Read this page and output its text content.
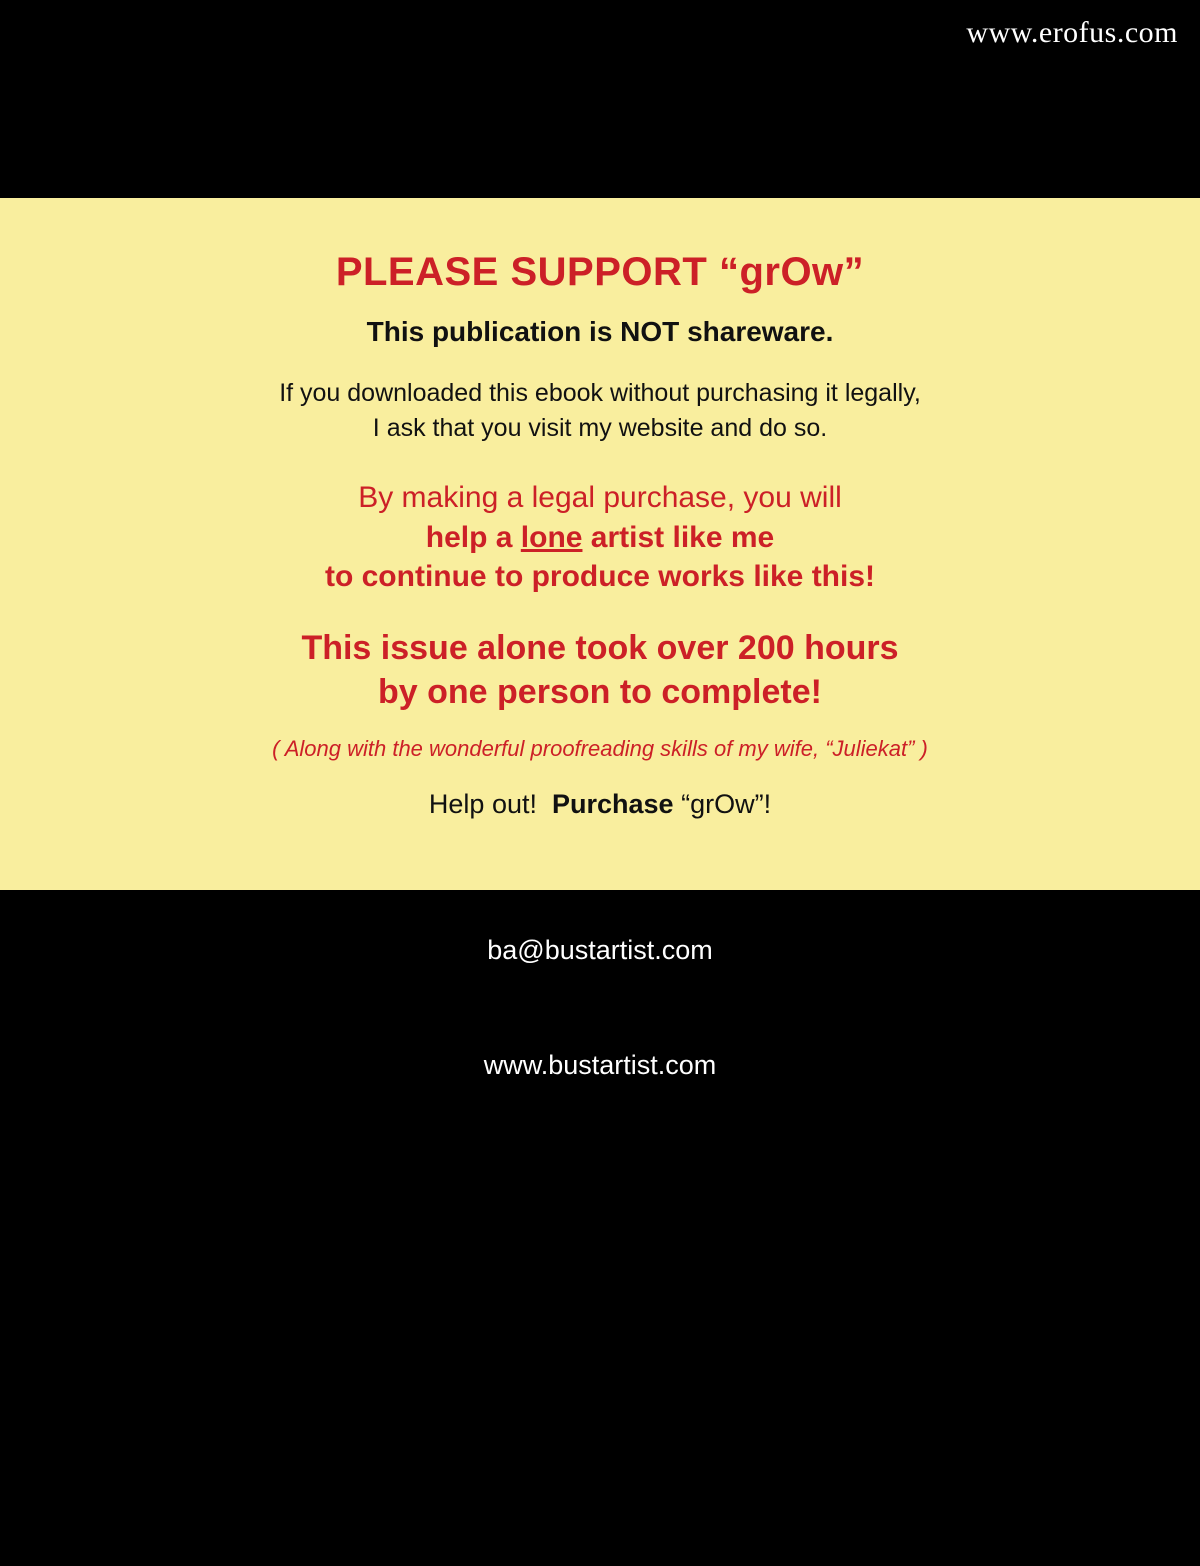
www.erofus.com
PLEASE SUPPORT “grOw”
This publication is NOT shareware.

If you downloaded this ebook without purchasing it legally,
I ask that you visit my website and do so.

By making a legal purchase, you will
help a lone artist like me
to continue to produce works like this!
This issue alone took over 200 hours
by one person to complete!

( Along with the wonderful proofreading skills of my wife, “Juliekat” )

Help out!  Purchase “grOw”!

ba@bustartist.com
www.bustartist.com
